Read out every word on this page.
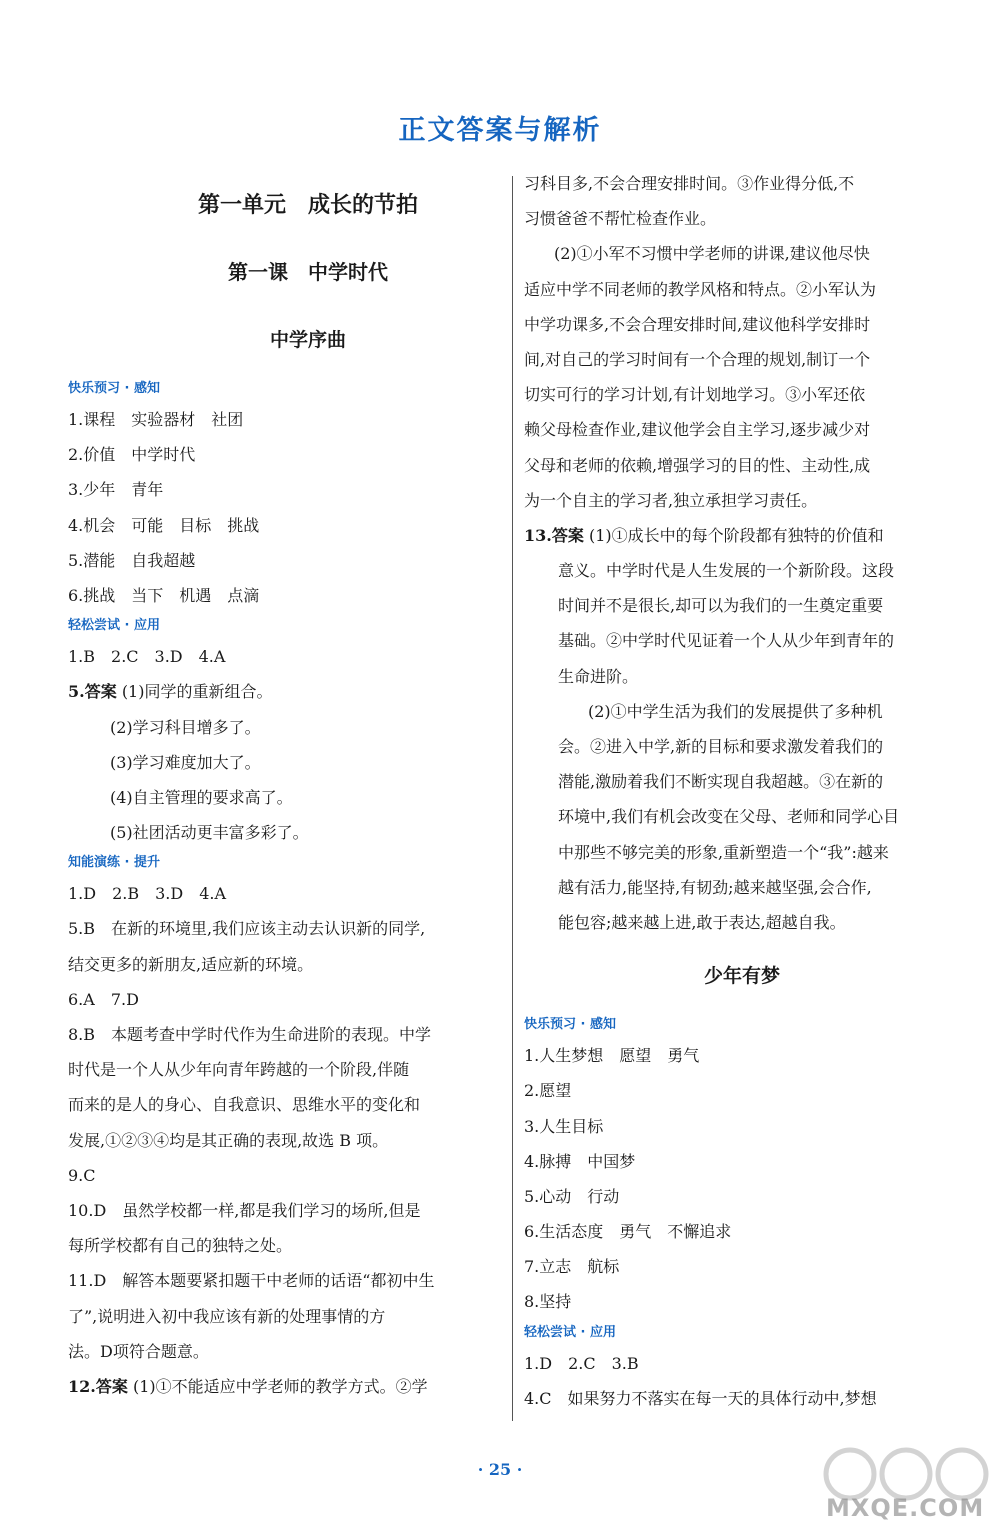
正文答案与解析
第一单元　成长的节拍
第一课　中学时代
中学序曲
快乐预习 · 感知
1.课程　实验器材　社团
2.价值　中学时代
3.少年　青年
4.机会　可能　目标　挑战
5.潜能　自我超越
6.挑战　当下　机遇　点滴
轻松尝试 · 应用
1.B　2.C　3.D　4.A
5.答案 (1)同学的重新组合。
(2)学习科目增多了。
(3)学习难度加大了。
(4)自主管理的要求高了。
(5)社团活动更丰富多彩了。
知能演练 · 提升
1.D　2.B　3.D　4.A
5.B　在新的环境里,我们应该主动去认识新的同学,
结交更多的新朋友,适应新的环境。
6.A　7.D
8.B　本题考查中学时代作为生命进阶的表现。中学
时代是一个人从少年向青年跨越的一个阶段,伴随
而来的是人的身心、自我意识、思维水平的变化和
发展,①②③④均是其正确的表现,故选 B 项。
9.C
10.D　虽然学校都一样,都是我们学习的场所,但是
每所学校都有自己的独特之处。
11.D　解答本题要紧扣题干中老师的话语“都初中生
了”,说明进入初中我应该有新的处理事情的方
法。D项符合题意。
12.答案 (1)①不能适应中学老师的教学方式。②学
习科目多,不会合理安排时间。③作业得分低,不
习惯爸爸不帮忙检查作业。
(2)①小军不习惯中学老师的讲课,建议他尽快
适应中学不同老师的教学风格和特点。②小军认为
中学功课多,不会合理安排时间,建议他科学安排时
间,对自己的学习时间有一个合理的规划,制订一个
切实可行的学习计划,有计划地学习。③小军还依
赖父母检查作业,建议他学会自主学习,逐步减少对
父母和老师的依赖,增强学习的目的性、主动性,成
为一个自主的学习者,独立承担学习责任。
13.答案 (1)①成长中的每个阶段都有独特的价值和
意义。中学时代是人生发展的一个新阶段。这段
时间并不是很长,却可以为我们的一生奠定重要
基础。②中学时代见证着一个人从少年到青年的
生命进阶。
(2)①中学生活为我们的发展提供了多种机
会。②进入中学,新的目标和要求激发着我们的
潜能,激励着我们不断实现自我超越。③在新的
环境中,我们有机会改变在父母、老师和同学心目
中那些不够完美的形象,重新塑造一个“我”:越来
越有活力,能坚持,有韧劲;越来越坚强,会合作,
能包容;越来越上进,敢于表达,超越自我。
少年有梦
快乐预习 · 感知
1.人生梦想　愿望　勇气
2.愿望
3.人生目标
4.脉搏　中国梦
5.心动　行动
6.生活态度　勇气　不懈追求
7.立志　航标
8.坚持
轻松尝试 · 应用
1.D　2.C　3.B
4.C　如果努力不落实在每一天的具体行动中,梦想
· 25 ·
MXQE.COM
